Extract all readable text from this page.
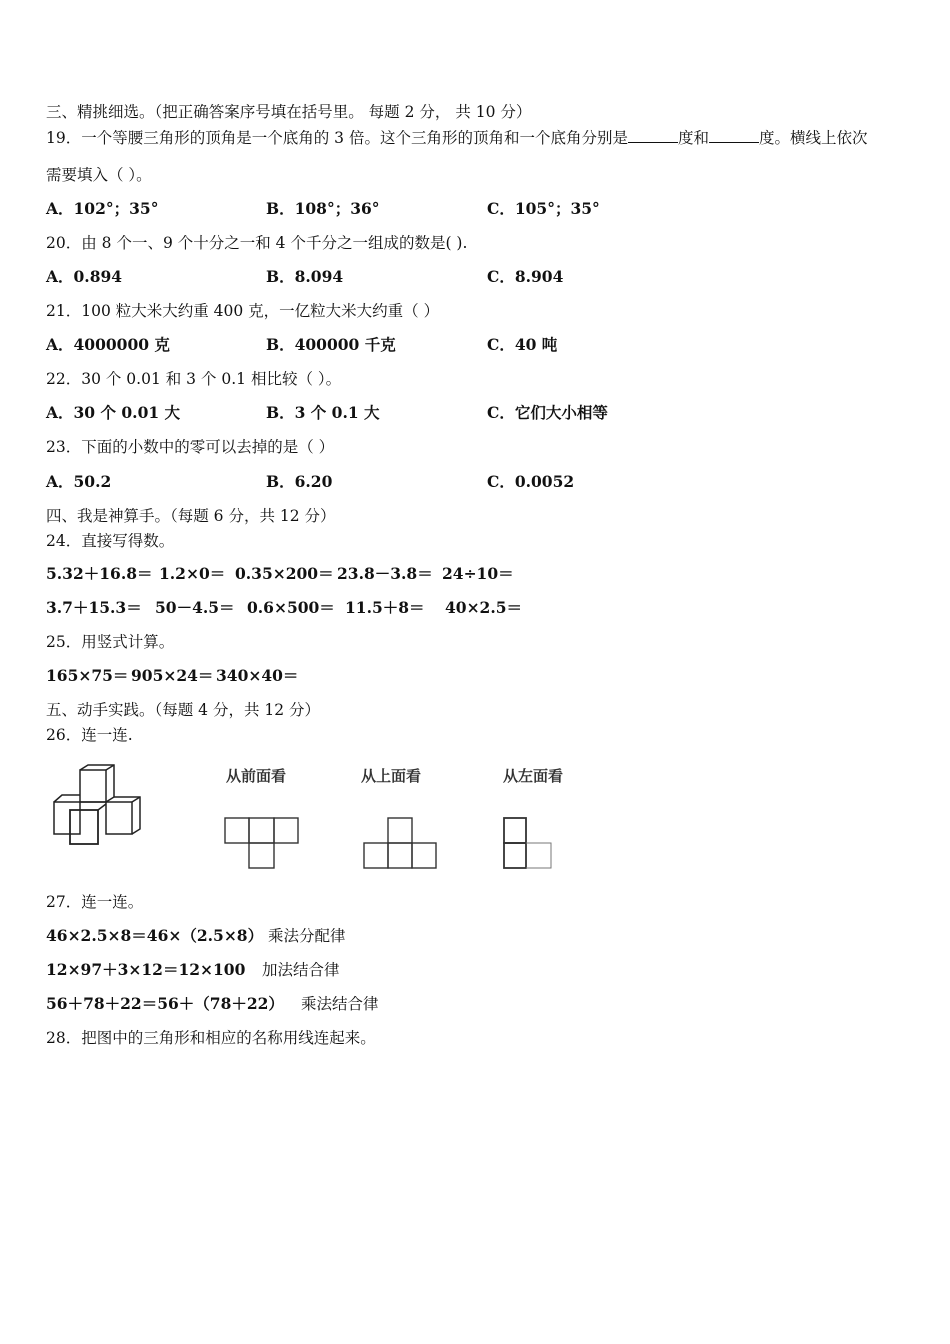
三、精挑细选。（把正确答案序号填在括号里。 每题 2 分， 共 10 分）
19．一个等腰三角形的顶角是一个底角的 3 倍。这个三角形的顶角和一个底角分别是	度和	度。横线上依次
需要填入（ ）。
A．102°；35°	B．108°；36°	C．105°；35°
20．由 8 个一、9 个十分之一和 4 个千分之一组成的数是( ).
A．0.894	B．8.094	C．8.904
21．100 粒大米大约重 400 克，一亿粒大米大约重（ ）
A．4000000 克	B．400000 千克	C．40 吨
22．30 个 0.01 和 3 个 0.1 相比较（ ）。
A．30 个 0.01 大	B．3 个 0.1 大	C．它们大小相等
23．下面的小数中的零可以去掉的是（ ）
A．50.2	B．6.20	C．0.0052
四、我是神算手。（每题 6 分，共 12 分）
24．直接写得数。
5.32＋16.8＝ 1.2×0＝ 0.35×200＝ 23.8－3.8＝ 24÷10＝
3.7＋15.3＝ 50－4.5＝ 0.6×500＝ 11.5＋8＝ 40×2.5＝
25．用竖式计算。
165×75＝ 905×24＝ 340×40＝
五、动手实践。（每题 4 分，共 12 分）
26．连一连.
从前面看	从上面看	从左面看
27．连一连。
46×2.5×8＝46×（2.5×8） 乘法分配律
12×97＋3×12＝12×100 加法结合律
56＋78＋22＝56＋（78＋22） 乘法结合律
28．把图中的三角形和相应的名称用线连起来。
